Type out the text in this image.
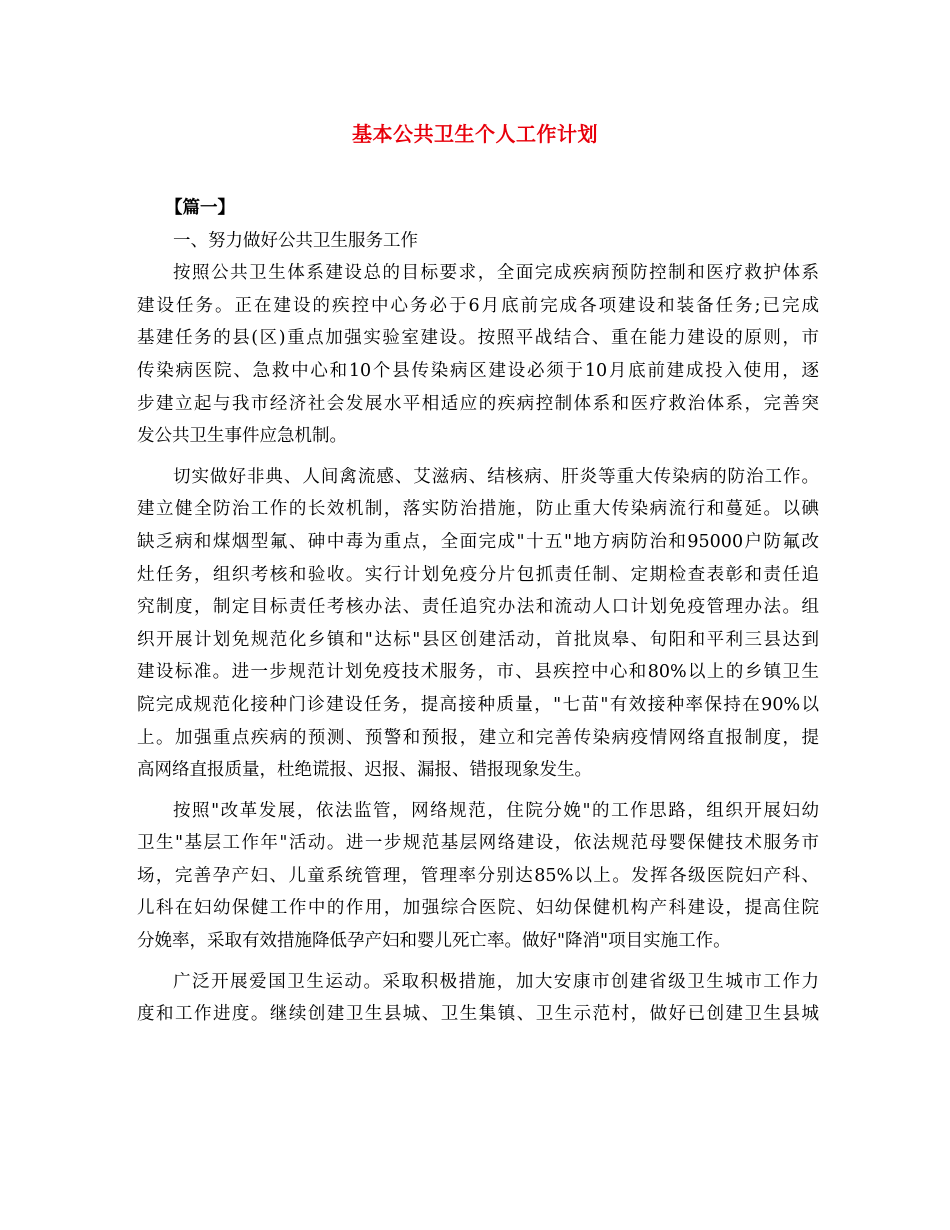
基本公共卫生个人工作计划
【篇一】
一、努力做好公共卫生服务工作
按照公共卫生体系建设总的目标要求，全面完成疾病预防控制和医疗救护体系
建设任务。正在建设的疾控中心务必于6月底前完成各项建设和装备任务;已完成
基建任务的县(区)重点加强实验室建设。按照平战结合、重在能力建设的原则，市
传染病医院、急救中心和10个县传染病区建设必须于10月底前建成投入使用，逐
步建立起与我市经济社会发展水平相适应的疾病控制体系和医疗救治体系，完善突
发公共卫生事件应急机制。
切实做好非典、人间禽流感、艾滋病、结核病、肝炎等重大传染病的防治工作。
建立健全防治工作的长效机制，落实防治措施，防止重大传染病流行和蔓延。以碘
缺乏病和煤烟型氟、砷中毒为重点，全面完成"十五"地方病防治和95000户防氟改
灶任务，组织考核和验收。实行计划免疫分片包抓责任制、定期检查表彰和责任追
究制度，制定目标责任考核办法、责任追究办法和流动人口计划免疫管理办法。组
织开展计划免规范化乡镇和"达标"县区创建活动，首批岚皋、旬阳和平利三县达到
建设标准。进一步规范计划免疫技术服务，市、县疾控中心和80%以上的乡镇卫生
院完成规范化接种门诊建设任务，提高接种质量，"七苗"有效接种率保持在90%以
上。加强重点疾病的预测、预警和预报，建立和完善传染病疫情网络直报制度，提
高网络直报质量，杜绝谎报、迟报、漏报、错报现象发生。
按照"改革发展，依法监管，网络规范，住院分娩"的工作思路，组织开展妇幼
卫生"基层工作年"活动。进一步规范基层网络建设，依法规范母婴保健技术服务市
场，完善孕产妇、儿童系统管理，管理率分别达85%以上。发挥各级医院妇产科、
儿科在妇幼保健工作中的作用，加强综合医院、妇幼保健机构产科建设，提高住院
分娩率，采取有效措施降低孕产妇和婴儿死亡率。做好"降消"项目实施工作。
广泛开展爱国卫生运动。采取积极措施，加大安康市创建省级卫生城市工作力
度和工作进度。继续创建卫生县城、卫生集镇、卫生示范村，做好已创建卫生县城
